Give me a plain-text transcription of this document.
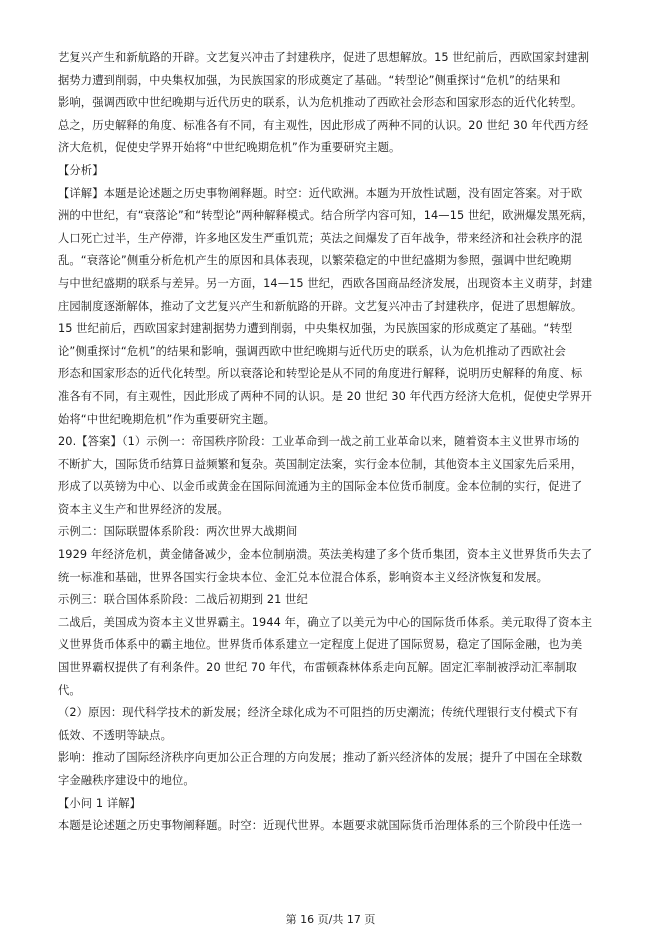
艺复兴产生和新航路的开辟。文艺复兴冲击了封建秩序，促进了思想解放。15 世纪前后，西欧国家封建割
据势力遭到削弱，中央集权加强，为民族国家的形成奠定了基础。“转型论”侧重探讨“危机”的结果和
影响，强调西欧中世纪晚期与近代历史的联系，认为危机推动了西欧社会形态和国家形态的近代化转型。
总之，历史解释的角度、标准各有不同，有主观性，因此形成了两种不同的认识。20 世纪 30 年代西方经
济大危机，促使史学界开始将“中世纪晚期危机”作为重要研究主题。
【分析】
【详解】本题是论述题之历史事物阐释题。时空：近代欧洲。本题为开放性试题，没有固定答案。对于欧
洲的中世纪，有“衰落论”和“转型论”两种解释模式。结合所学内容可知，14—15 世纪，欧洲爆发黑死病，
人口死亡过半，生产停滞，许多地区发生严重饥荒；英法之间爆发了百年战争，带来经济和社会秩序的混
乱。“衰落论”侧重分析危机产生的原因和具体表现，以繁荣稳定的中世纪盛期为参照，强调中世纪晚期
与中世纪盛期的联系与差异。另一方面，14—15 世纪，西欧各国商品经济发展，出现资本主义萌芽，封建
庄园制度逐渐解体，推动了文艺复兴产生和新航路的开辟。文艺复兴冲击了封建秩序，促进了思想解放。
15 世纪前后，西欧国家封建割据势力遭到削弱，中央集权加强，为民族国家的形成奠定了基础。“转型
论”侧重探讨“危机”的结果和影响，强调西欧中世纪晚期与近代历史的联系，认为危机推动了西欧社会
形态和国家形态的近代化转型。所以衰落论和转型论是从不同的角度进行解释，说明历史解释的角度、标
准各有不同，有主观性，因此形成了两种不同的认识。是 20 世纪 30 年代西方经济大危机，促使史学界开
始将“中世纪晚期危机”作为重要研究主题。
20.【答案】（1）示例一：帝国秩序阶段：工业革命到一战之前工业革命以来，随着资本主义世界市场的
不断扩大，国际货币结算日益频繁和复杂。英国制定法案，实行金本位制，其他资本主义国家先后采用，
形成了以英镑为中心、以金币或黄金在国际间流通为主的国际金本位货币制度。金本位制的实行，促进了
资本主义生产和世界经济的发展。
示例二：国际联盟体系阶段：两次世界大战期间
1929 年经济危机，黄金储备减少，金本位制崩溃。英法美构建了多个货币集团，资本主义世界货币失去了
统一标准和基础，世界各国实行金块本位、金汇兑本位混合体系，影响资本主义经济恢复和发展。
示例三：联合国体系阶段：二战后初期到 21 世纪
二战后，美国成为资本主义世界霸主。1944 年，确立了以美元为中心的国际货币体系。美元取得了资本主
义世界货币体系中的霸主地位。世界货币体系建立一定程度上促进了国际贸易，稳定了国际金融，也为美
国世界霸权提供了有利条件。20 世纪 70 年代，布雷顿森林体系走向瓦解。固定汇率制被浮动汇率制取
代。
（2）原因：现代科学技术的新发展；经济全球化成为不可阻挡的历史潮流；传统代理银行支付模式下有
低效、不透明等缺点。
影响：推动了国际经济秩序向更加公正合理的方向发展；推动了新兴经济体的发展；提升了中国在全球数
字金融秩序建设中的地位。
【小问 1 详解】
本题是论述题之历史事物阐释题。时空：近现代世界。本题要求就国际货币治理体系的三个阶段中任选一
第 16 页/共 17 页
